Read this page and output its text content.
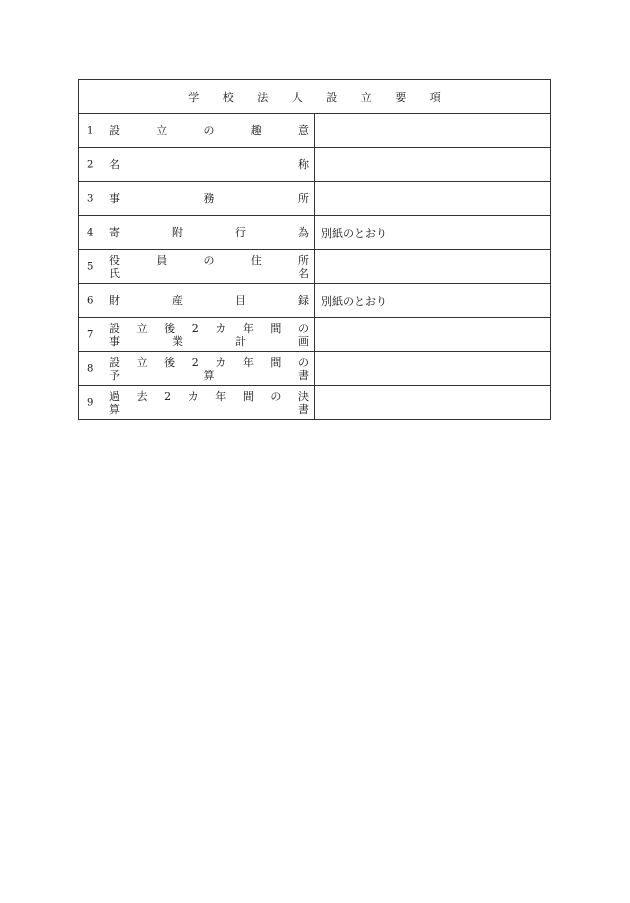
学 校 法 人 設 立 要 項	

1 設 立 の 趣 意	

2 名 称	

3 事 務 所	

4 寄 附 行 為	別紙のとおり

5 役 員 の 住 所
氏 名	

6 財 産 目 録	別紙のとおり

7 設立後2カ年間の
事 業 計 画	

8 設立後2カ年間の
予 算 書	

9 過去2カ年間の決
算 書	
